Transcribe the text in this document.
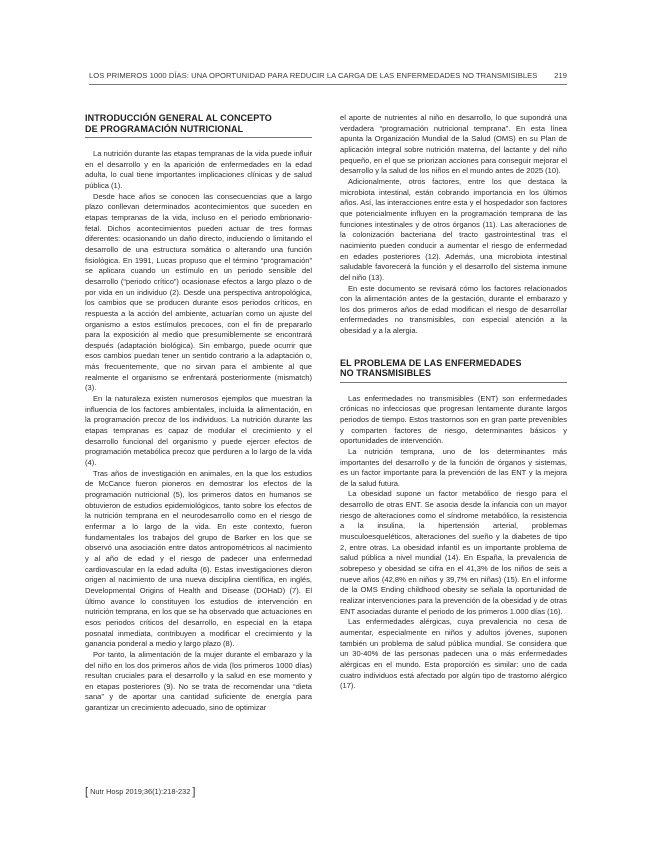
LOS PRIMEROS 1000 DÍAS: UNA OPORTUNIDAD PARA REDUCIR LA CARGA DE LAS ENFERMEDADES NO TRANSMISIBLES 219
INTRODUCCIÓN GENERAL AL CONCEPTO
DE PROGRAMACIÓN NUTRICIONAL

La nutrición durante las etapas tempranas de la vida puede influir en el desarrollo y en la aparición de enfermedades en la edad adulta, lo cual tiene importantes implicaciones clínicas y de salud pública (1).

Desde hace años se conocen las consecuencias que a largo plazo conllevan determinados acontecimientos que suceden en etapas tempranas de la vida, incluso en el periodo embrionario-fetal. Dichos acontecimientos pueden actuar de tres formas diferentes: ocasionando un daño directo, induciendo o limitando el desarrollo de una estructura somática o alterando una función fisiológica. En 1991, Lucas propuso que el término “programación” se aplicara cuando un estímulo en un periodo sensible del desarrollo (“periodo crítico”) ocasionase efectos a largo plazo o de por vida en un individuo (2). Desde una perspectiva antropológica, los cambios que se producen durante esos periodos críticos, en respuesta a la acción del ambiente, actuarían como un ajuste del organismo a estos estímulos precoces, con el fin de prepararlo para la exposición al medio que presumiblemente se encontrará después (adaptación biológica). Sin embargo, puede ocurrir que esos cambios puedan tener un sentido contrario a la adaptación o, más frecuentemente, que no sirvan para el ambiente al que realmente el organismo se enfrentará posteriormente (mismatch) (3).

En la naturaleza existen numerosos ejemplos que muestran la influencia de los factores ambientales, incluida la alimentación, en la programación precoz de los individuos. La nutrición durante las etapas tempranas es capaz de modular el crecimiento y el desarrollo funcional del organismo y puede ejercer efectos de programación metabólica precoz que perduren a lo largo de la vida (4).

Tras años de investigación en animales, en la que los estudios de McCance fueron pioneros en demostrar los efectos de la programación nutricional (5), los primeros datos en humanos se obtuvieron de estudios epidemiológicos, tanto sobre los efectos de la nutrición temprana en el neurodesarrollo como en el riesgo de enfermar a lo largo de la vida. En este contexto, fueron fundamentales los trabajos del grupo de Barker en los que se observó una asociación entre datos antropométricos al nacimiento y al año de edad y el riesgo de padecer una enfermedad cardiovascular en la edad adulta (6). Estas investigaciones dieron origen al nacimiento de una nueva disciplina científica, en inglés, Developmental Origins of Health and Disease (DOHaD) (7). El último avance lo constituyen los estudios de intervención en nutrición temprana, en los que se ha observado que actuaciones en esos periodos críticos del desarrollo, en especial en la etapa posnatal inmediata, contribuyen a modificar el crecimiento y la ganancia ponderal a medio y largo plazo (8).

Por tanto, la alimentación de la mujer durante el embarazo y la del niño en los dos primeros años de vida (los primeros 1000 días) resultan cruciales para el desarrollo y la salud en ese momento y en etapas posteriores (9). No se trata de recomendar una “dieta sana” y de aportar una cantidad suficiente de energía para garantizar un crecimiento adecuado, sino de optimizar

el aporte de nutrientes al niño en desarrollo, lo que supondrá una verdadera “programación nutricional temprana”. En esta línea apunta la Organización Mundial de la Salud (OMS) en su Plan de aplicación integral sobre nutrición materna, del lactante y del niño pequeño, en el que se priorizan acciones para conseguir mejorar el desarrollo y la salud de los niños en el mundo antes de 2025 (10).

Adicionalmente, otros factores, entre los que destaca la microbiota intestinal, están cobrando importancia en los últimos años. Así, las interacciones entre esta y el hospedador son factores que potencialmente influyen en la programación temprana de las funciones intestinales y de otros órganos (11). Las alteraciones de la colonización bacteriana del tracto gastrointestinal tras el nacimiento pueden conducir a aumentar el riesgo de enfermedad en edades posteriores (12). Además, una microbiota intestinal saludable favorecerá la función y el desarrollo del sistema inmune del niño (13).

En este documento se revisará cómo los factores relacionados con la alimentación antes de la gestación, durante el embarazo y los dos primeros años de edad modifican el riesgo de desarrollar enfermedades no transmisibles, con especial atención a la obesidad y a la alergia.

EL PROBLEMA DE LAS ENFERMEDADES
NO TRANSMISIBLES

Las enfermedades no transmisibles (ENT) son enfermedades crónicas no infecciosas que progresan lentamente durante largos periodos de tiempo. Estos trastornos son en gran parte prevenibles y comparten factores de riesgo, determinantes básicos y oportunidades de intervención.

La nutrición temprana, uno de los determinantes más importantes del desarrollo y de la función de órganos y sistemas, es un factor importante para la prevención de las ENT y la mejora de la salud futura.

La obesidad supone un factor metabólico de riesgo para el desarrollo de otras ENT. Se asocia desde la infancia con un mayor riesgo de alteraciones como el síndrome metabólico, la resistencia a la insulina, la hipertensión arterial, problemas musculoesqueléticos, alteraciones del sueño y la diabetes de tipo 2, entre otras. La obesidad infantil es un importante problema de salud pública a nivel mundial (14). En España, la prevalencia de sobrepeso y obesidad se cifra en el 41,3% de los niños de seis a nueve años (42,8% en niños y 39,7% en niñas) (15). En el informe de la OMS Ending childhood obesity se señala la oportunidad de realizar intervenciones para la prevención de la obesidad y de otras ENT asociadas durante el periodo de los primeros 1.000 días (16).

Las enfermedades alérgicas, cuya prevalencia no cesa de aumentar, especialmente en niños y adultos jóvenes, suponen también un problema de salud pública mundial. Se considera que un 30-40% de las personas padecen una o más enfermedades alérgicas en el mundo. Esta proporción es similar: uno de cada cuatro individuos está afectado por algún tipo de trastorno alérgico (17).

[ Nutr Hosp 2019;36(1):218-232 ]
